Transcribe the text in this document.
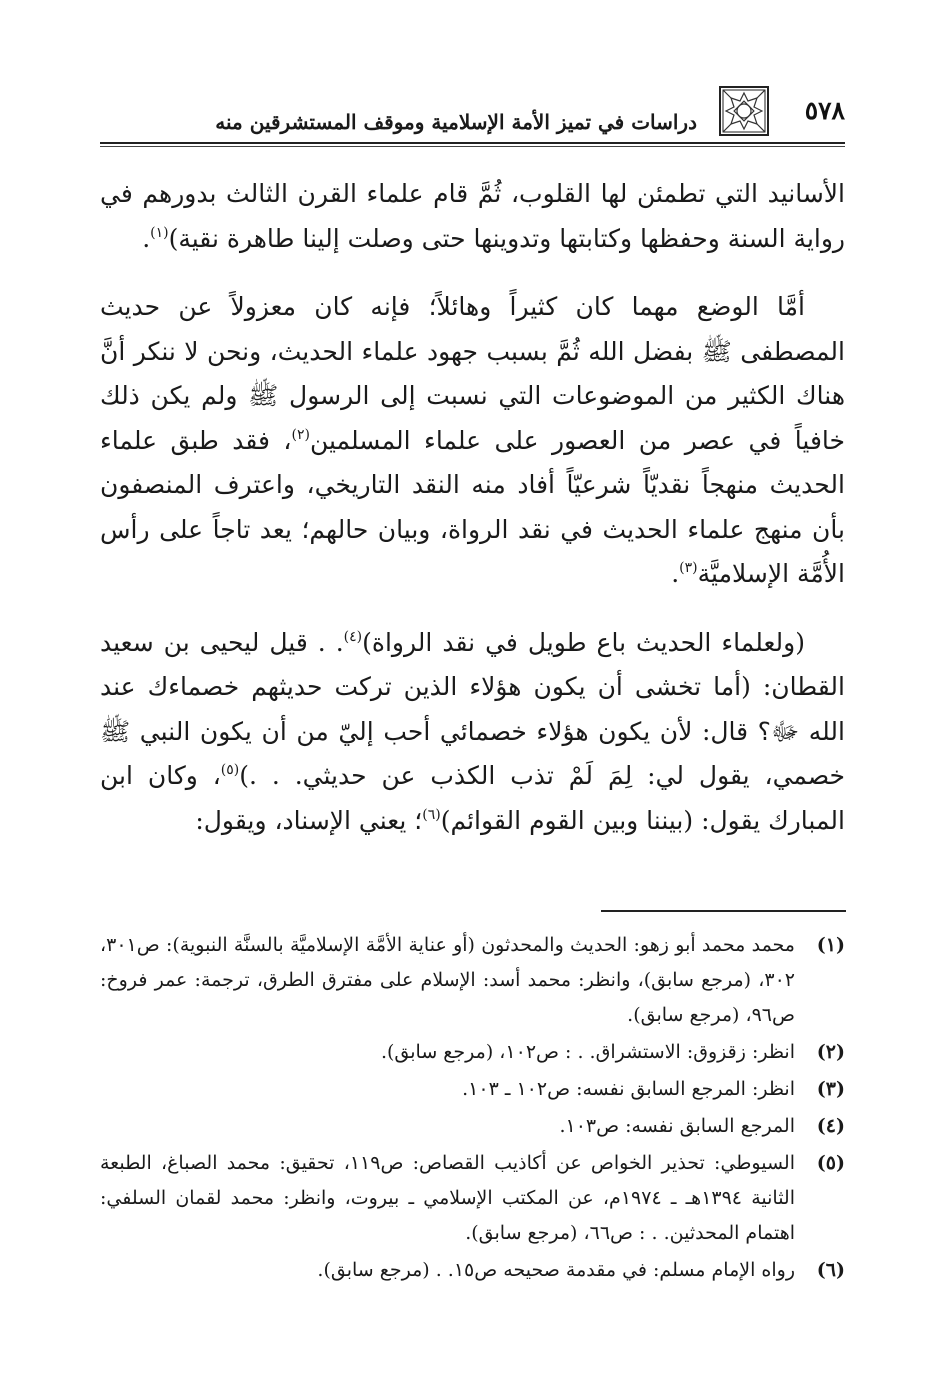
٥٧٨
دراسات في تميز الأمة الإسلامية وموقف المستشرقين منه

الأسانيد التي تطمئن لها القلوب، ثُمَّ قام علماء القرن الثالث بدورهم في رواية السنة وحفظها وكتابتها وتدوينها حتى وصلت إلينا طاهرة نقية)$^{(١)}$.

أمَّا الوضع مهما كان كثيراً وهائلاً؛ فإنه كان معزولاً عن حديث المصطفى ﷺ بفضل الله ثُمَّ بسبب جهود علماء الحديث، ونحن لا ننكر أنَّ هناك الكثير من الموضوعات التي نسبت إلى الرسول ﷺ ولم يكن ذلك خافياً في عصر من العصور على علماء المسلمين$^{(٢)}$، فقد طبق علماء الحديث منهجاً نقديّاً شرعيّاً أفاد منه النقد التاريخي، واعترف المنصفون بأن منهج علماء الحديث في نقد الرواة، وبيان حالهم؛ يعد تاجاً على رأس الأُمَّة الإسلاميَّة$^{(٣)}$.

(ولعلماء الحديث باع طويل في نقد الرواة)$^{(٤)}$. . قيل ليحيى بن سعيد القطان: (أما تخشى أن يكون هؤلاء الذين تركت حديثهم خصماءك عند الله ﷻ؟ قال: لأن يكون هؤلاء خصمائي أحب إليّ من أن يكون النبي ﷺ خصمي، يقول لي: لِمَ لَمْ تذب الكذب عن حديثي. . .)$^{(٥)}$، وكان ابن المبارك يقول: (بيننا وبين القوم القوائم)$^{(٦)}$؛ يعني الإسناد، ويقول:

(١)
محمد محمد أبو زهو: الحديث والمحدثون (أو عناية الأمَّة الإسلاميَّة بالسنَّة النبوية): ص٣٠١، ٣٠٢، (مرجع سابق)، وانظر: محمد أسد: الإسلام على مفترق الطرق، ترجمة: عمر فروخ: ص٩٦، (مرجع سابق).
(٢)
انظر: زقزوق: الاستشراق. . : ص١٠٢، (مرجع سابق).
(٣)
انظر: المرجع السابق نفسه: ص١٠٢ ـ ١٠٣.
(٤)
المرجع السابق نفسه: ص١٠٣.
(٥)
السيوطي: تحذير الخواص عن أكاذيب القصاص: ص١١٩، تحقيق: محمد الصباغ، الطبعة الثانية ١٣٩٤هـ ـ ١٩٧٤م، عن المكتب الإسلامي ـ بيروت، وانظر: محمد لقمان السلفي: اهتمام المحدثين. . : ص٦٦، (مرجع سابق).
(٦)
رواه الإمام مسلم: في مقدمة صحيحه ص١٥. . (مرجع سابق).
